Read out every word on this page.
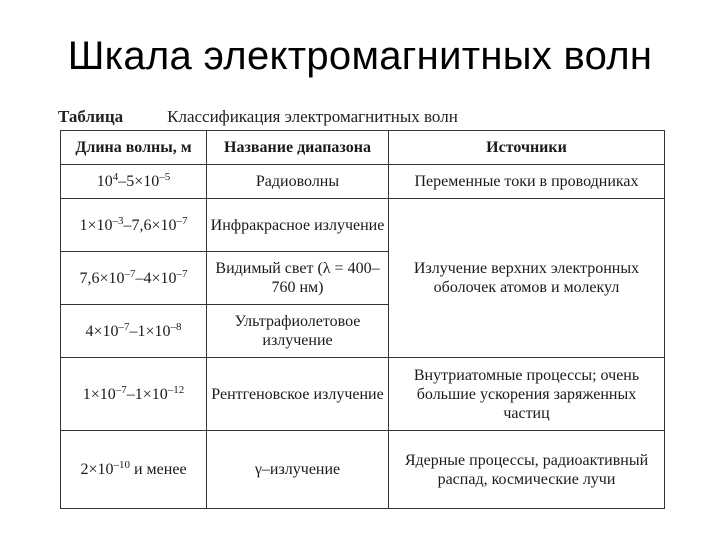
Шкала электромагнитных волн
Таблица	Классификация электромагнитных волн
Длина волны, м	Название диапазона	Источники
$10^4-5\times 10^{-5}$	Радиоволны	Переменные токи в проводниках
$1\times 10^{-3}-7,6\times 10^{-7}$	Инфракрасное излучение	Излучение верхних электронных оболочек атомов и молекул
$7,6\times 10^{-7}-4\times 10^{-7}$	Видимый свет (λ = 400–760 нм)	
$4\times 10^{-7}-1\times 10^{-8}$	Ультрафиолетовое излучение	
$1\times 10^{-7}-1\times 10^{-12}$	Рентгеновское излучение	Внутриатомные процессы; очень большие ускорения заряженных частиц
$2\times 10^{-10}$ и менее	γ–излучение	Ядерные процессы, радиоактивный распад, космические лучи
